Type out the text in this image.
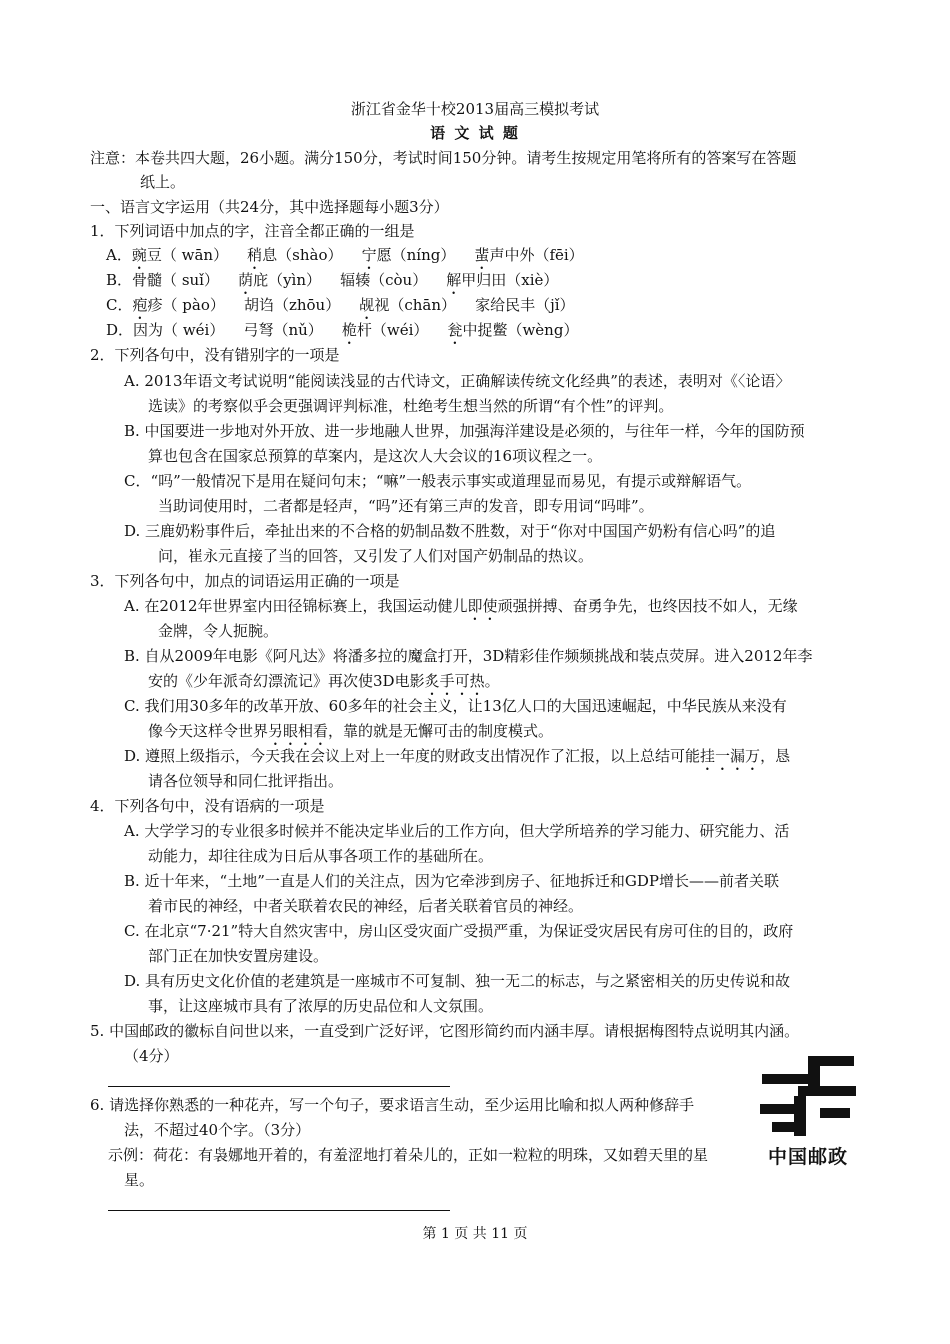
浙江省金华十校2013届高三模拟考试
语 文 试 题
注意：本卷共四大题，26小题。满分150分，考试时间150分钟。请考生按规定用笔将所有的答案写在答题
纸上。
一、语言文字运用（共24分，其中选择题每小题3分）
1．下列词语中加点的字，注音全都正确的一组是
A．豌豆（ wān） 稍息（shào） 宁愿（níng） 蜚声中外（fēi）
B．骨髓（ suǐ） 荫庇（yìn） 辐辏（còu） 解甲归田（xiè）
C．疱疹（ pào） 胡诌（zhōu） 觇视（chān） 家给民丰（jǐ）
D．因为（ wéi） 弓弩（nǔ） 桅杆（wéi） 瓮中捉鳖（wèng）
2．下列各句中，没有错别字的一项是
A. 2013年语文考试说明“能阅读浅显的古代诗文，正确解读传统文化经典”的表述，表明对《〈论语〉
选读》的考察似乎会更强调评判标准，杜绝考生想当然的所谓“有个性”的评判。
B. 中国要进一步地对外开放、进一步地融人世界，加强海洋建设是必须的，与往年一样，今年的国防预
算也包含在国家总预算的草案内，是这次人大会议的16项议程之一。
C．“吗”一般情况下是用在疑问句末；“嘛”一般表示事实或道理显而易见，有提示或辩解语气。
当助词使用时，二者都是轻声，“吗”还有第三声的发音，即专用词“吗啡”。
D. 三鹿奶粉事件后，牵扯出来的不合格的奶制品数不胜数，对于“你对中国国产奶粉有信心吗”的追
问，崔永元直接了当的回答，又引发了人们对国产奶制品的热议。
3．下列各句中，加点的词语运用正确的一项是
A. 在2012年世界室内田径锦标赛上，我国运动健儿即使顽强拼搏、奋勇争先，也终因技不如人，无缘
金牌，令人扼腕。
B. 自从2009年电影《阿凡达》将潘多拉的魔盒打开，3D精彩佳作频频挑战和装点荧屏。进入2012年李
安的《少年派奇幻漂流记》再次使3D电影炙手可热。
C. 我们用30多年的改革开放、60多年的社会主义，让13亿人口的大国迅速崛起，中华民族从来没有
像今天这样令世界另眼相看，靠的就是无懈可击的制度模式。
D. 遵照上级指示，今天我在会议上对上一年度的财政支出情况作了汇报，以上总结可能挂一漏万，恳
请各位领导和同仁批评指出。
4．下列各句中，没有语病的一项是
A. 大学学习的专业很多时候并不能决定毕业后的工作方向，但大学所培养的学习能力、研究能力、活
动能力，却往往成为日后从事各项工作的基础所在。
B. 近十年来，“土地”一直是人们的关注点，因为它牵涉到房子、征地拆迁和GDP增长——前者关联
着市民的神经，中者关联着农民的神经，后者关联着官员的神经。
C. 在北京“7·21”特大自然灾害中，房山区受灾面广受损严重，为保证受灾居民有房可住的目的，政府
部门正在加快安置房建设。
D. 具有历史文化价值的老建筑是一座城市不可复制、独一无二的标志，与之紧密相关的历史传说和故
事，让这座城市具有了浓厚的历史品位和人文氛围。
5. 中国邮政的徽标自问世以来，一直受到广泛好评，它图形简约而内涵丰厚。请根据梅图特点说明其内涵。
（4分）
6. 请选择你熟悉的一种花卉，写一个句子，要求语言生动，至少运用比喻和拟人两种修辞手
法，不超过40个字。（3分）
示例：荷花：有袅娜地开着的，有羞涩地打着朵儿的，正如一粒粒的明珠，又如碧天里的星
星。
中国邮政
第 1 页 共 11 页
